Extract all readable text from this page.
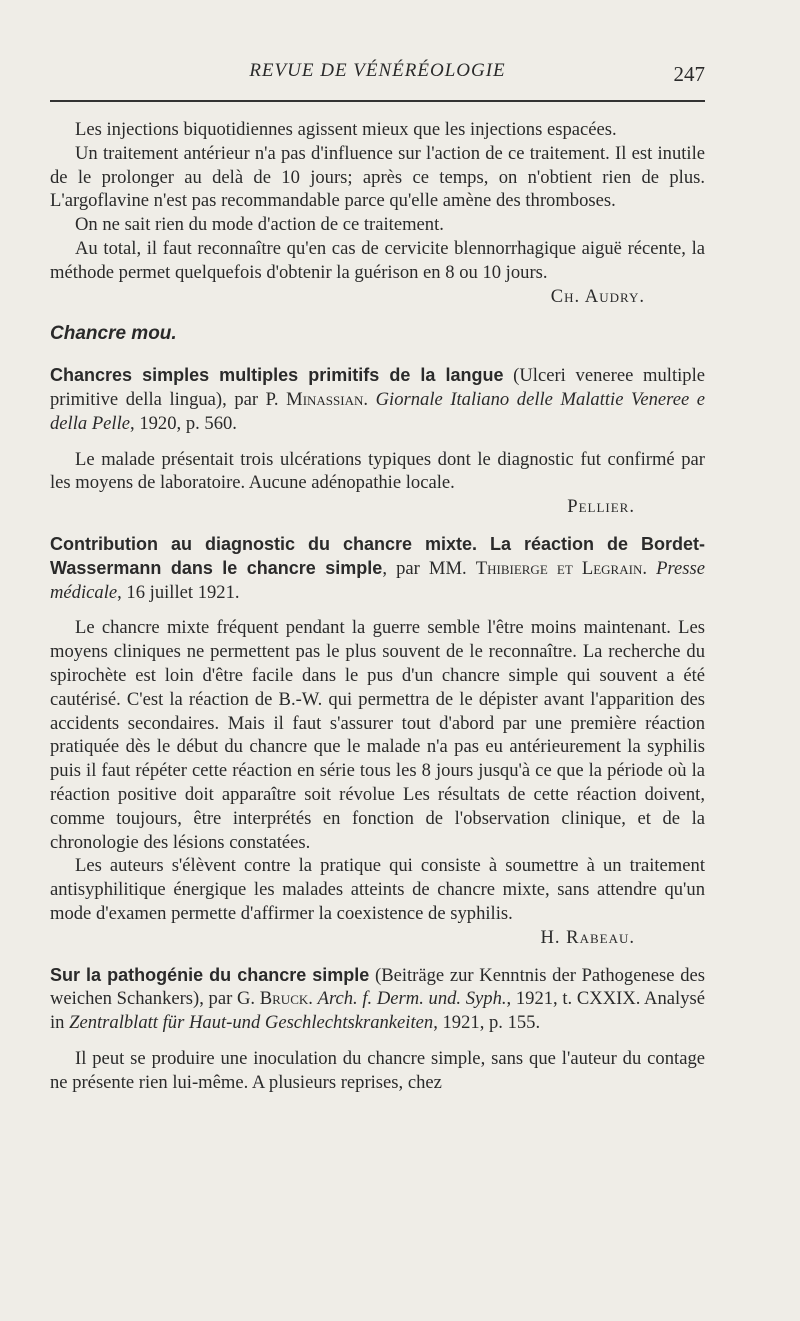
REVUE DE VÉNÉRÉOLOGIE	247

Les injections biquotidiennes agissent mieux que les injections espacées.

Un traitement antérieur n'a pas d'influence sur l'action de ce traitement. Il est inutile de le prolonger au delà de 10 jours; après ce temps, on n'obtient rien de plus. L'argoflavine n'est pas recommandable parce qu'elle amène des thromboses.

On ne sait rien du mode d'action de ce traitement.

Au total, il faut reconnaître qu'en cas de cervicite blennorrhagique aiguë récente, la méthode permet quelquefois d'obtenir la guérison en 8 ou 10 jours.

Ch. Audry.

Chancre mou.

Chancres simples multiples primitifs de la langue (Ulceri veneree multiple primitive della lingua), par P. Minassian. Giornale Italiano delle Malattie Veneree e della Pelle, 1920, p. 560.

Le malade présentait trois ulcérations typiques dont le diagnostic fut confirmé par les moyens de laboratoire. Aucune adénopathie locale.

Pellier.

Contribution au diagnostic du chancre mixte. La réaction de Bordet-Wassermann dans le chancre simple, par MM. Thibierge et Legrain. Presse médicale, 16 juillet 1921.

Le chancre mixte fréquent pendant la guerre semble l'être moins maintenant. Les moyens cliniques ne permettent pas le plus souvent de le reconnaître. La recherche du spirochète est loin d'être facile dans le pus d'un chancre simple qui souvent a été cautérisé. C'est la réaction de B.-W. qui permettra de le dépister avant l'apparition des accidents secondaires. Mais il faut s'assurer tout d'abord par une première réaction pratiquée dès le début du chancre que le malade n'a pas eu antérieurement la syphilis puis il faut répéter cette réaction en série tous les 8 jours jusqu'à ce que la période où la réaction positive doit apparaître soit révolue Les résultats de cette réaction doivent, comme toujours, être interprétés en fonction de l'observation clinique, et de la chronologie des lésions constatées.

Les auteurs s'élèvent contre la pratique qui consiste à soumettre à un traitement antisyphilitique énergique les malades atteints de chancre mixte, sans attendre qu'un mode d'examen permette d'affirmer la coexistence de syphilis.

H. Rabeau.

Sur la pathogénie du chancre simple (Beiträge zur Kenntnis der Pathogenese des weichen Schankers), par G. Bruck. Arch. f. Derm. und. Syph., 1921, t. CXXIX. Analysé in Zentralblatt für Haut-und Geschlechtskrankeiten, 1921, p. 155.

Il peut se produire une inoculation du chancre simple, sans que l'auteur du contage ne présente rien lui-même. A plusieurs reprises, chez
